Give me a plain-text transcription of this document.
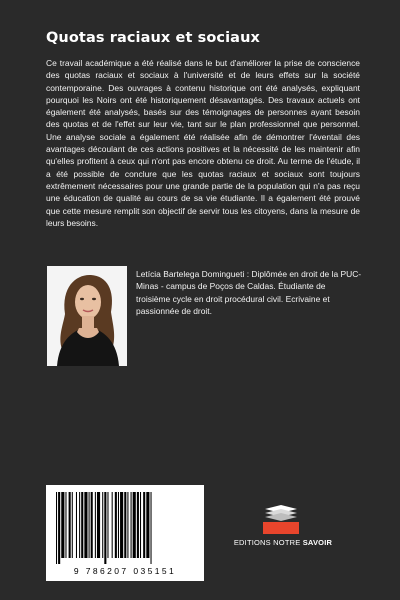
Quotas raciaux et sociaux
Ce travail académique a été réalisé dans le but d'améliorer la prise de conscience des quotas raciaux et sociaux à l'université et de leurs effets sur la société contemporaine. Des ouvrages à contenu historique ont été analysés, expliquant pourquoi les Noirs ont été historiquement désavantagés. Des travaux actuels ont également été analysés, basés sur des témoignages de personnes ayant besoin des quotas et de l'effet sur leur vie, tant sur le plan professionnel que personnel. Une analyse sociale a également été réalisée afin de démontrer l'éventail des avantages découlant de ces actions positives et la nécessité de les maintenir afin qu'elles profitent à ceux qui n'ont pas encore obtenu ce droit. Au terme de l'étude, il a été possible de conclure que les quotas raciaux et sociaux sont toujours extrêmement nécessaires pour une grande partie de la population qui n'a pas reçu une éducation de qualité au cours de sa vie étudiante. Il a également été prouvé que cette mesure remplit son objectif de servir tous les citoyens, dans la mesure de leurs besoins.
Letícia Bartelega Domingueti : Diplômée en droit de la PUC-Minas - campus de Poços de Caldas. Étudiante de troisième cycle en droit procédural civil. Ecrivaine et passionnée de droit.
9 786207 035151
EDITIONS NOTRE SAVOIR
